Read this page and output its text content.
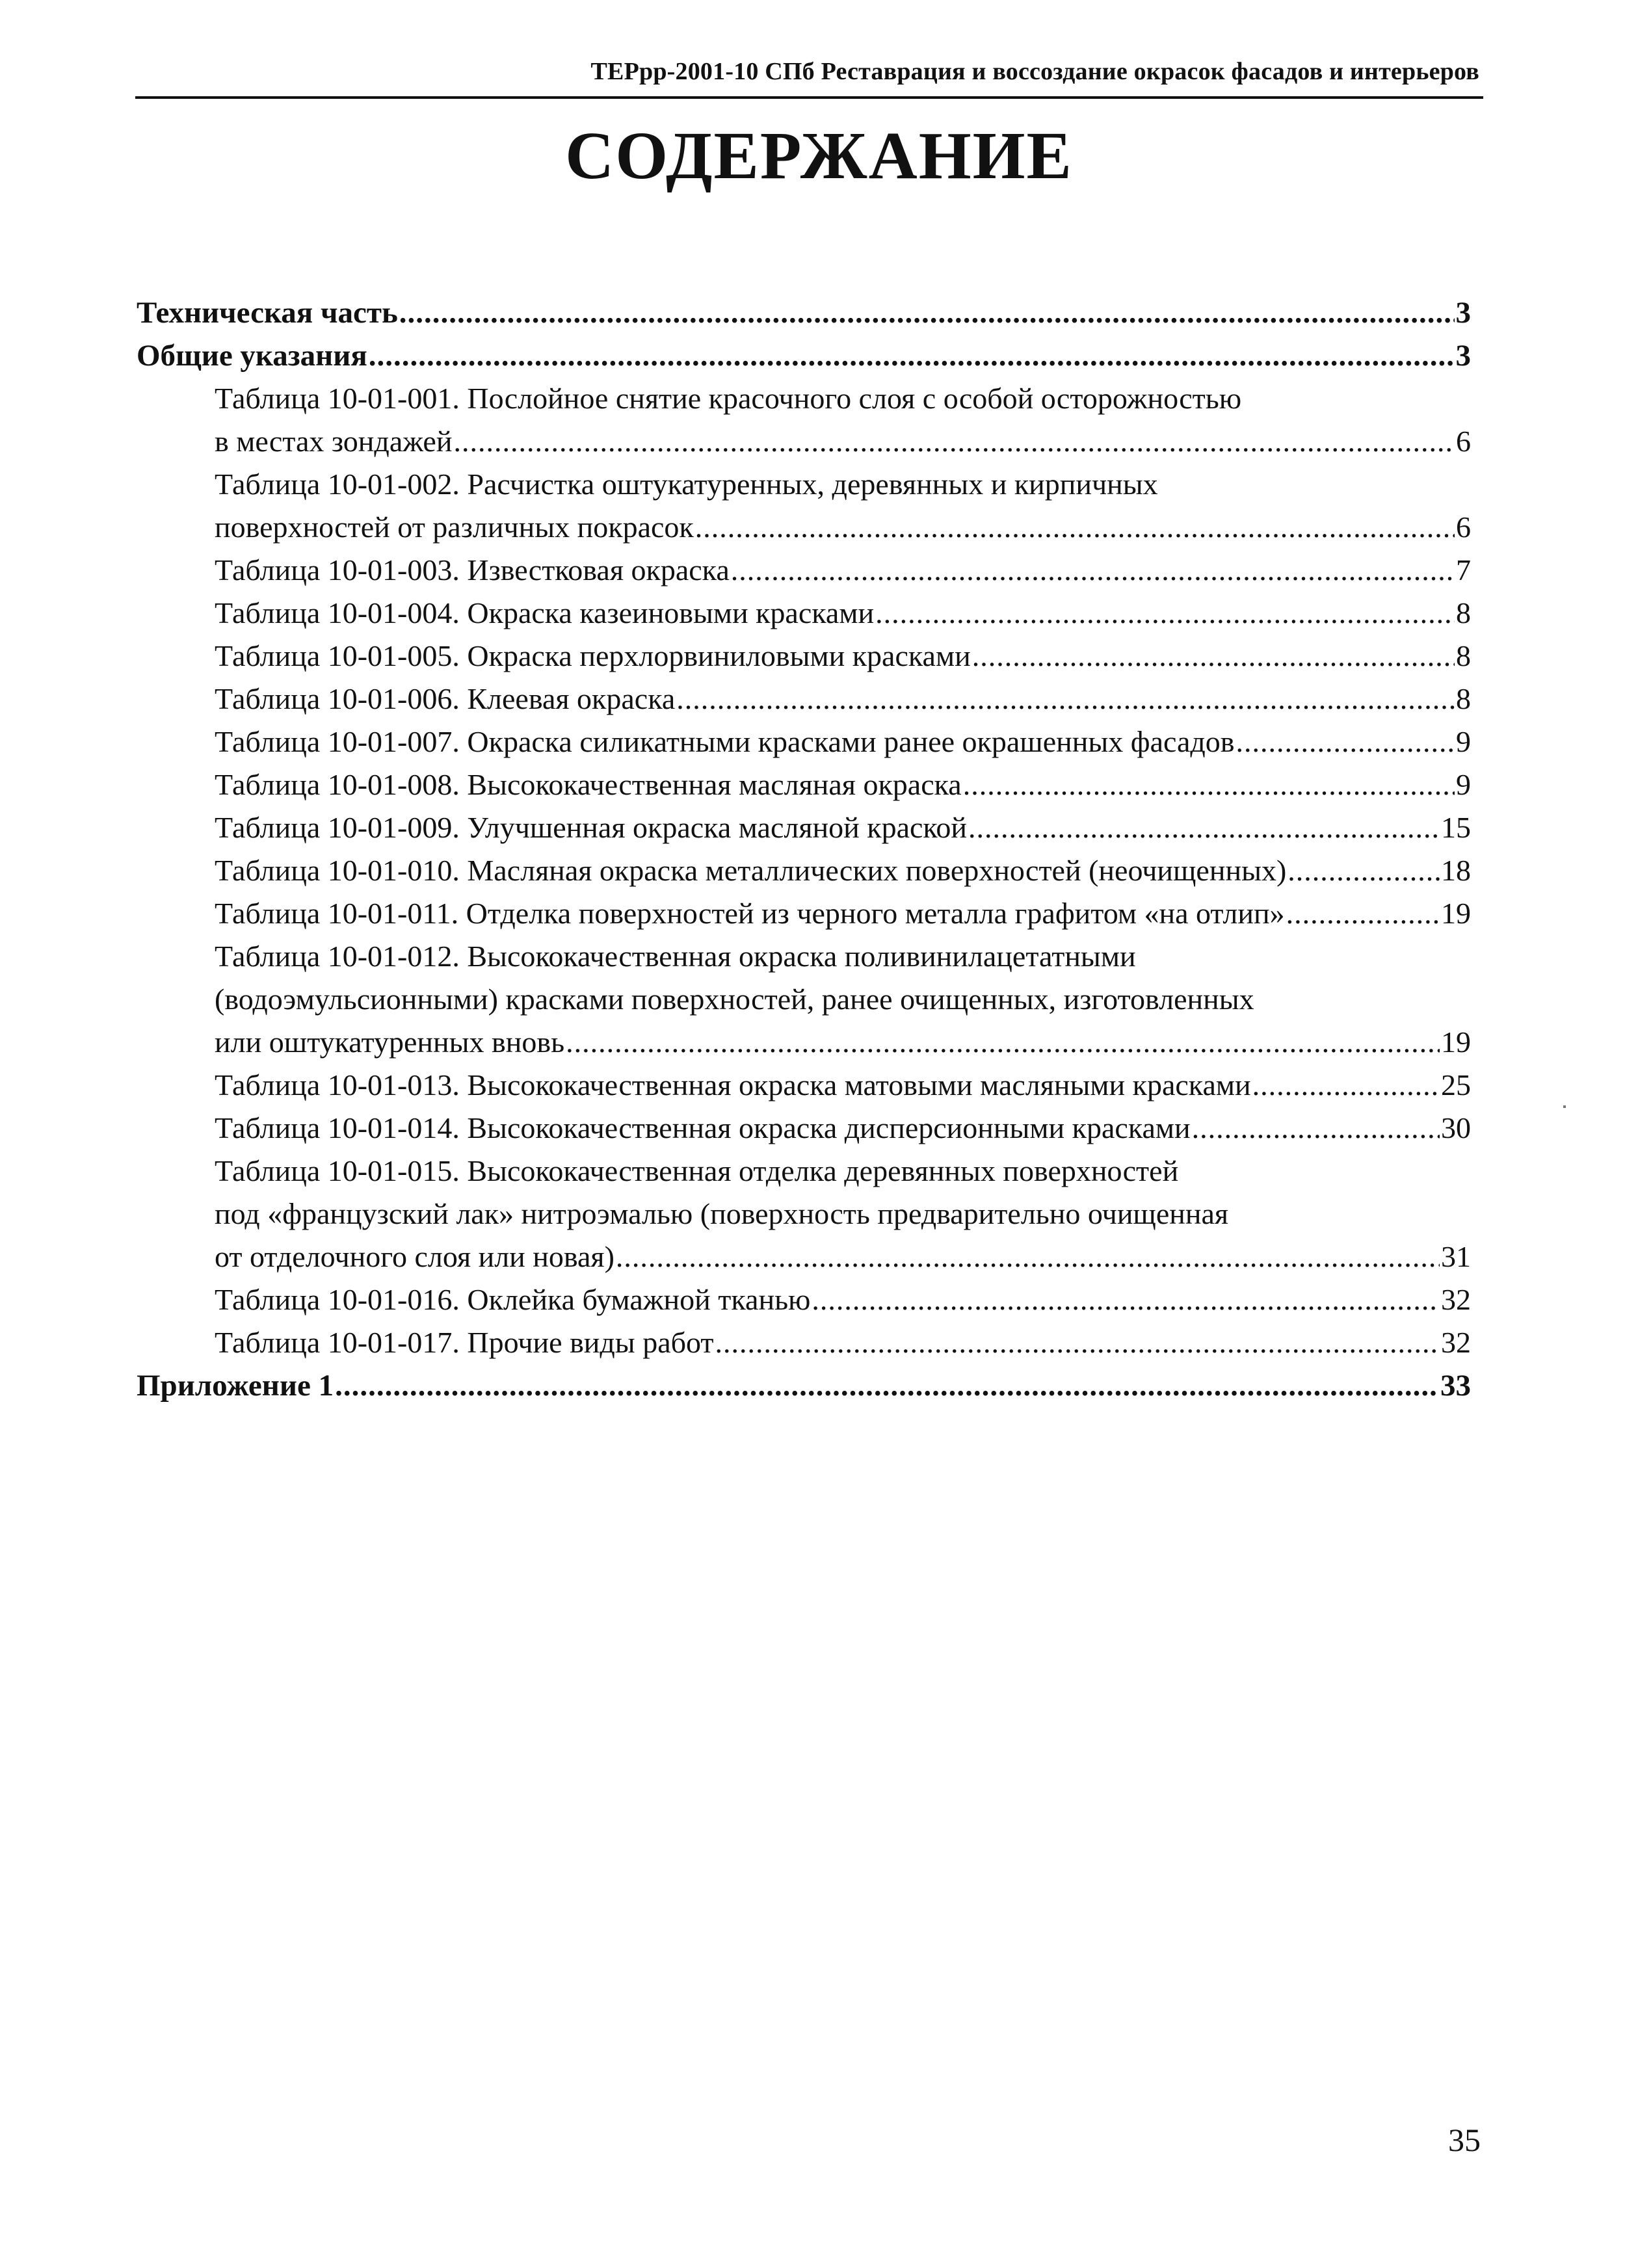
ТЕРрр-2001-10 СПб Реставрация и воссоздание окрасок фасадов и интерьеров
СОДЕРЖАНИЕ
Техническая часть .....	3
Общие указания .....	3
Таблица 10-01-001. Послойное снятие красочного слоя с особой осторожностью
в местах зондажей .....	6
Таблица 10-01-002. Расчистка оштукатуренных, деревянных и кирпичных
поверхностей от различных покрасок .....	6
Таблица 10-01-003. Известковая окраска .....	7
Таблица 10-01-004. Окраска казеиновыми красками .....	8
Таблица 10-01-005. Окраска перхлорвиниловыми красками .....	8
Таблица 10-01-006. Клеевая окраска .....	8
Таблица 10-01-007. Окраска силикатными красками ранее окрашенных фасадов .....	9
Таблица 10-01-008. Высококачественная масляная окраска .....	9
Таблица 10-01-009. Улучшенная окраска масляной краской .....	15
Таблица 10-01-010. Масляная окраска металлических поверхностей (неочищенных) .....	18
Таблица 10-01-011. Отделка поверхностей из черного металла графитом «на отлип» .....	19
Таблица 10-01-012. Высококачественная окраска поливинилацетатными
(водоэмульсионными) красками поверхностей, ранее очищенных, изготовленных
или оштукатуренных вновь .....	19
Таблица 10-01-013. Высококачественная окраска матовыми масляными красками .....	25
Таблица 10-01-014. Высококачественная окраска дисперсионными красками .....	30
Таблица 10-01-015. Высококачественная отделка деревянных поверхностей
под «французский лак» нитроэмалью (поверхность предварительно очищенная
от отделочного слоя или новая) .....	31
Таблица 10-01-016. Оклейка бумажной тканью .....	32
Таблица 10-01-017. Прочие виды работ .....	32
Приложение 1 .....	33
35
